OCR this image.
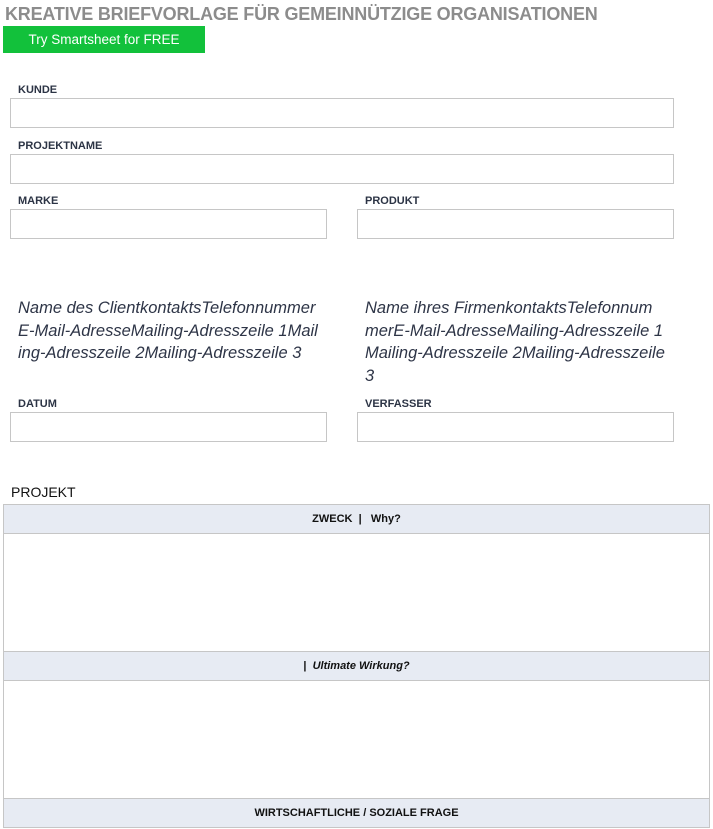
KREATIVE BRIEFVORLAGE FÜR GEMEINNÜTZIGE ORGANISATIONEN
Try Smartsheet for FREE
KUNDE
PROJEKTNAME
MARKE	PRODUKT
Name des ClientkontaktsTelefonnummerE-Mail-AdresseMailing-Adresszeile 1Mailing-Adresszeile 2Mailing-Adresszeile 3
Name ihres FirmenkontaktsTelefonnummerE-Mail-AdresseMailing-Adresszeile 1Mailing-Adresszeile 2Mailing-Adresszeile 3
DATUM	VERFASSER
PROJEKT
ZWECK
|
Why?
|
Ultimate Wirkung?
WIRTSCHAFTLICHE / SOZIALE FRAGE
